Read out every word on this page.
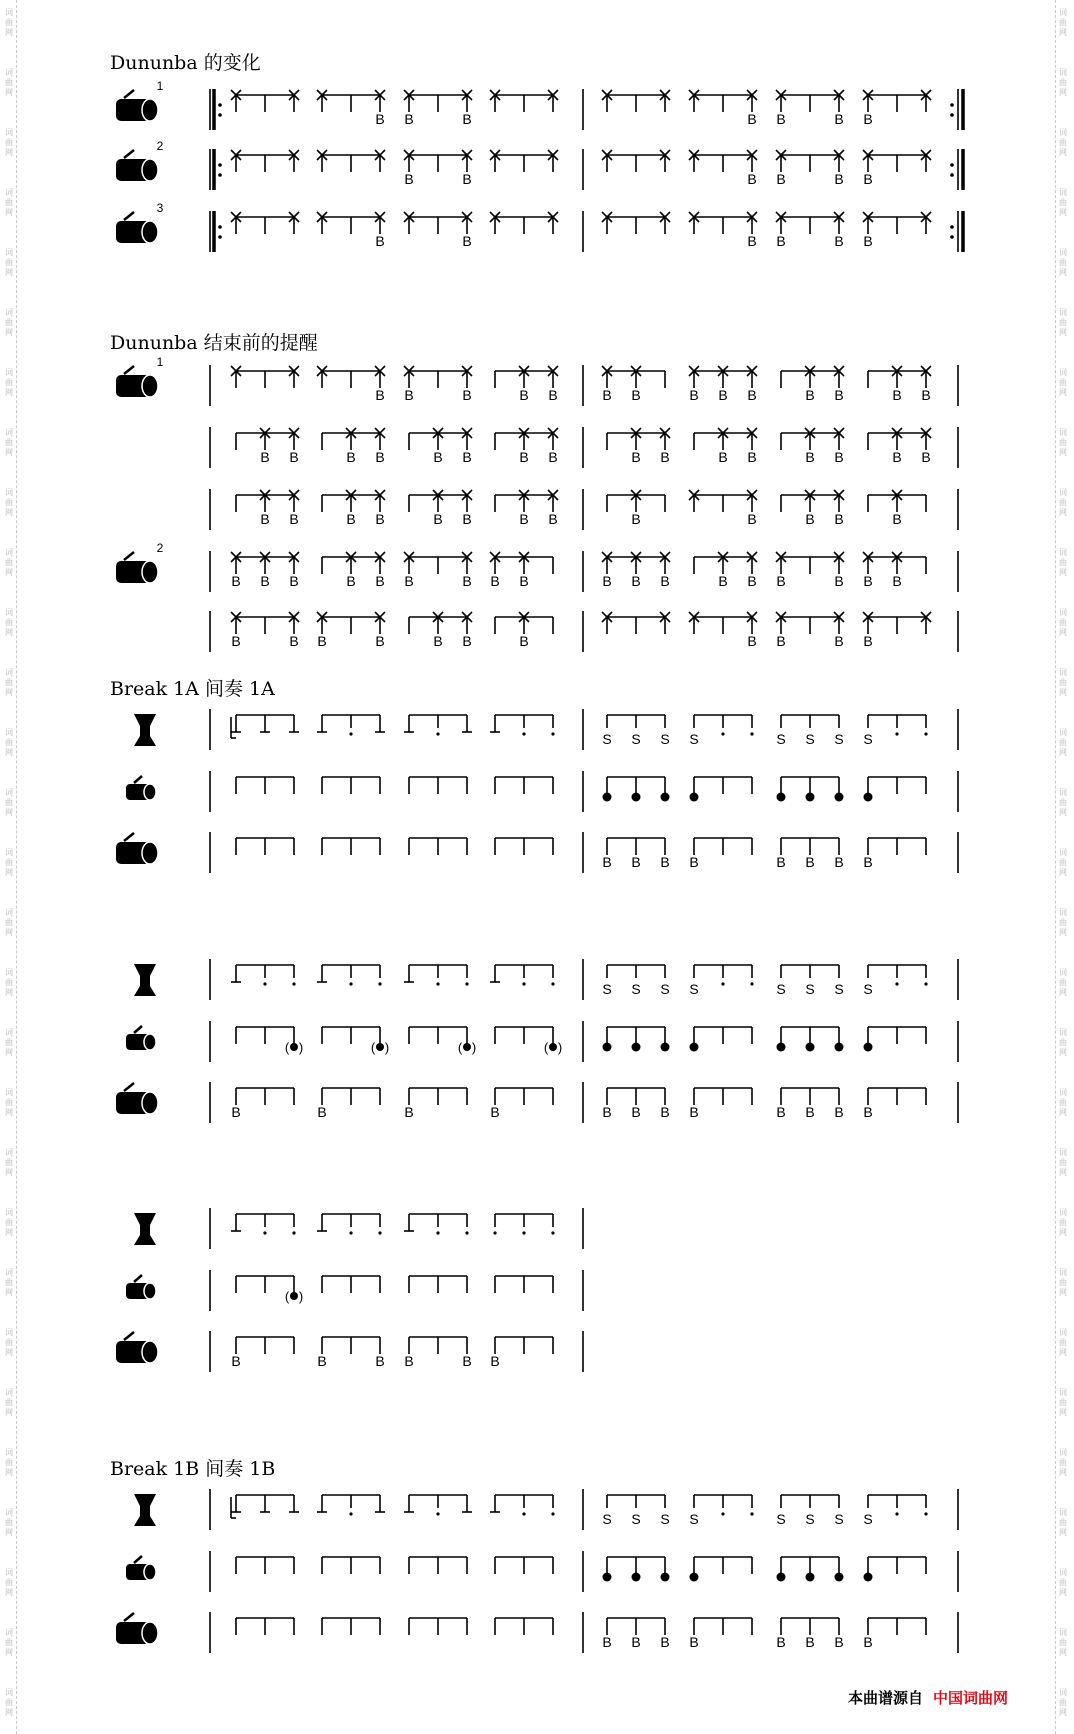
词
曲
网
词
曲
网
词
曲
网
词
曲
网
词
曲
网
词
曲
网
词
曲
网
词
曲
网
词
曲
网
词
曲
网
词
曲
网
词
曲
网
词
曲
网
词
曲
网
词
曲
网
词
曲
网
词
曲
网
词
曲
网
词
曲
网
词
曲
网
词
曲
网
词
曲
网
词
曲
网
词
曲
网
词
曲
网
词
曲
网
词
曲
网
词
曲
网
词
曲
网
词
曲
网
词
曲
网
词
曲
网
词
曲
网
词
曲
网
词
曲
网
词
曲
网
词
曲
网
词
曲
网
词
曲
网
词
曲
网
词
曲
网
词
曲
网
词
曲
网
词
曲
网
词
曲
网
词
曲
网
词
曲
网
词
曲
网
词
曲
网
词
曲
网
词
曲
网
词
曲
网
词
曲
网
词
曲
网
词
曲
网
词
曲
网
词
曲
网
词
曲
网
Dununba 的变化
Dununba 结束前的提醒
Break 1A 间奏 1A
Break 1B 间奏 1B
1
B B	B	B B	B B
2
B	B	B B	B B
3
B	B	B B	B B
1
B B	B	B B	B B	B B B	B B	B B
B B	B B	B B	B B	B B	B B	B B	B B
B B	B B	B B	B B	B	B	B B	B
2
B B B	B B B	B B B	B B B	B B B	B B B
B	B B	B	B B	B	B B	B B
S S S S	S S S S
B B B B	B B B B
S S S S	S S S S
( )	( )	( )	( )
B	B	B	B	B B B B	B B B B
( )
B	B	B B	B B
S S S S	S S S S
B B B B	B B B B
本曲谱源自 中国词曲网
